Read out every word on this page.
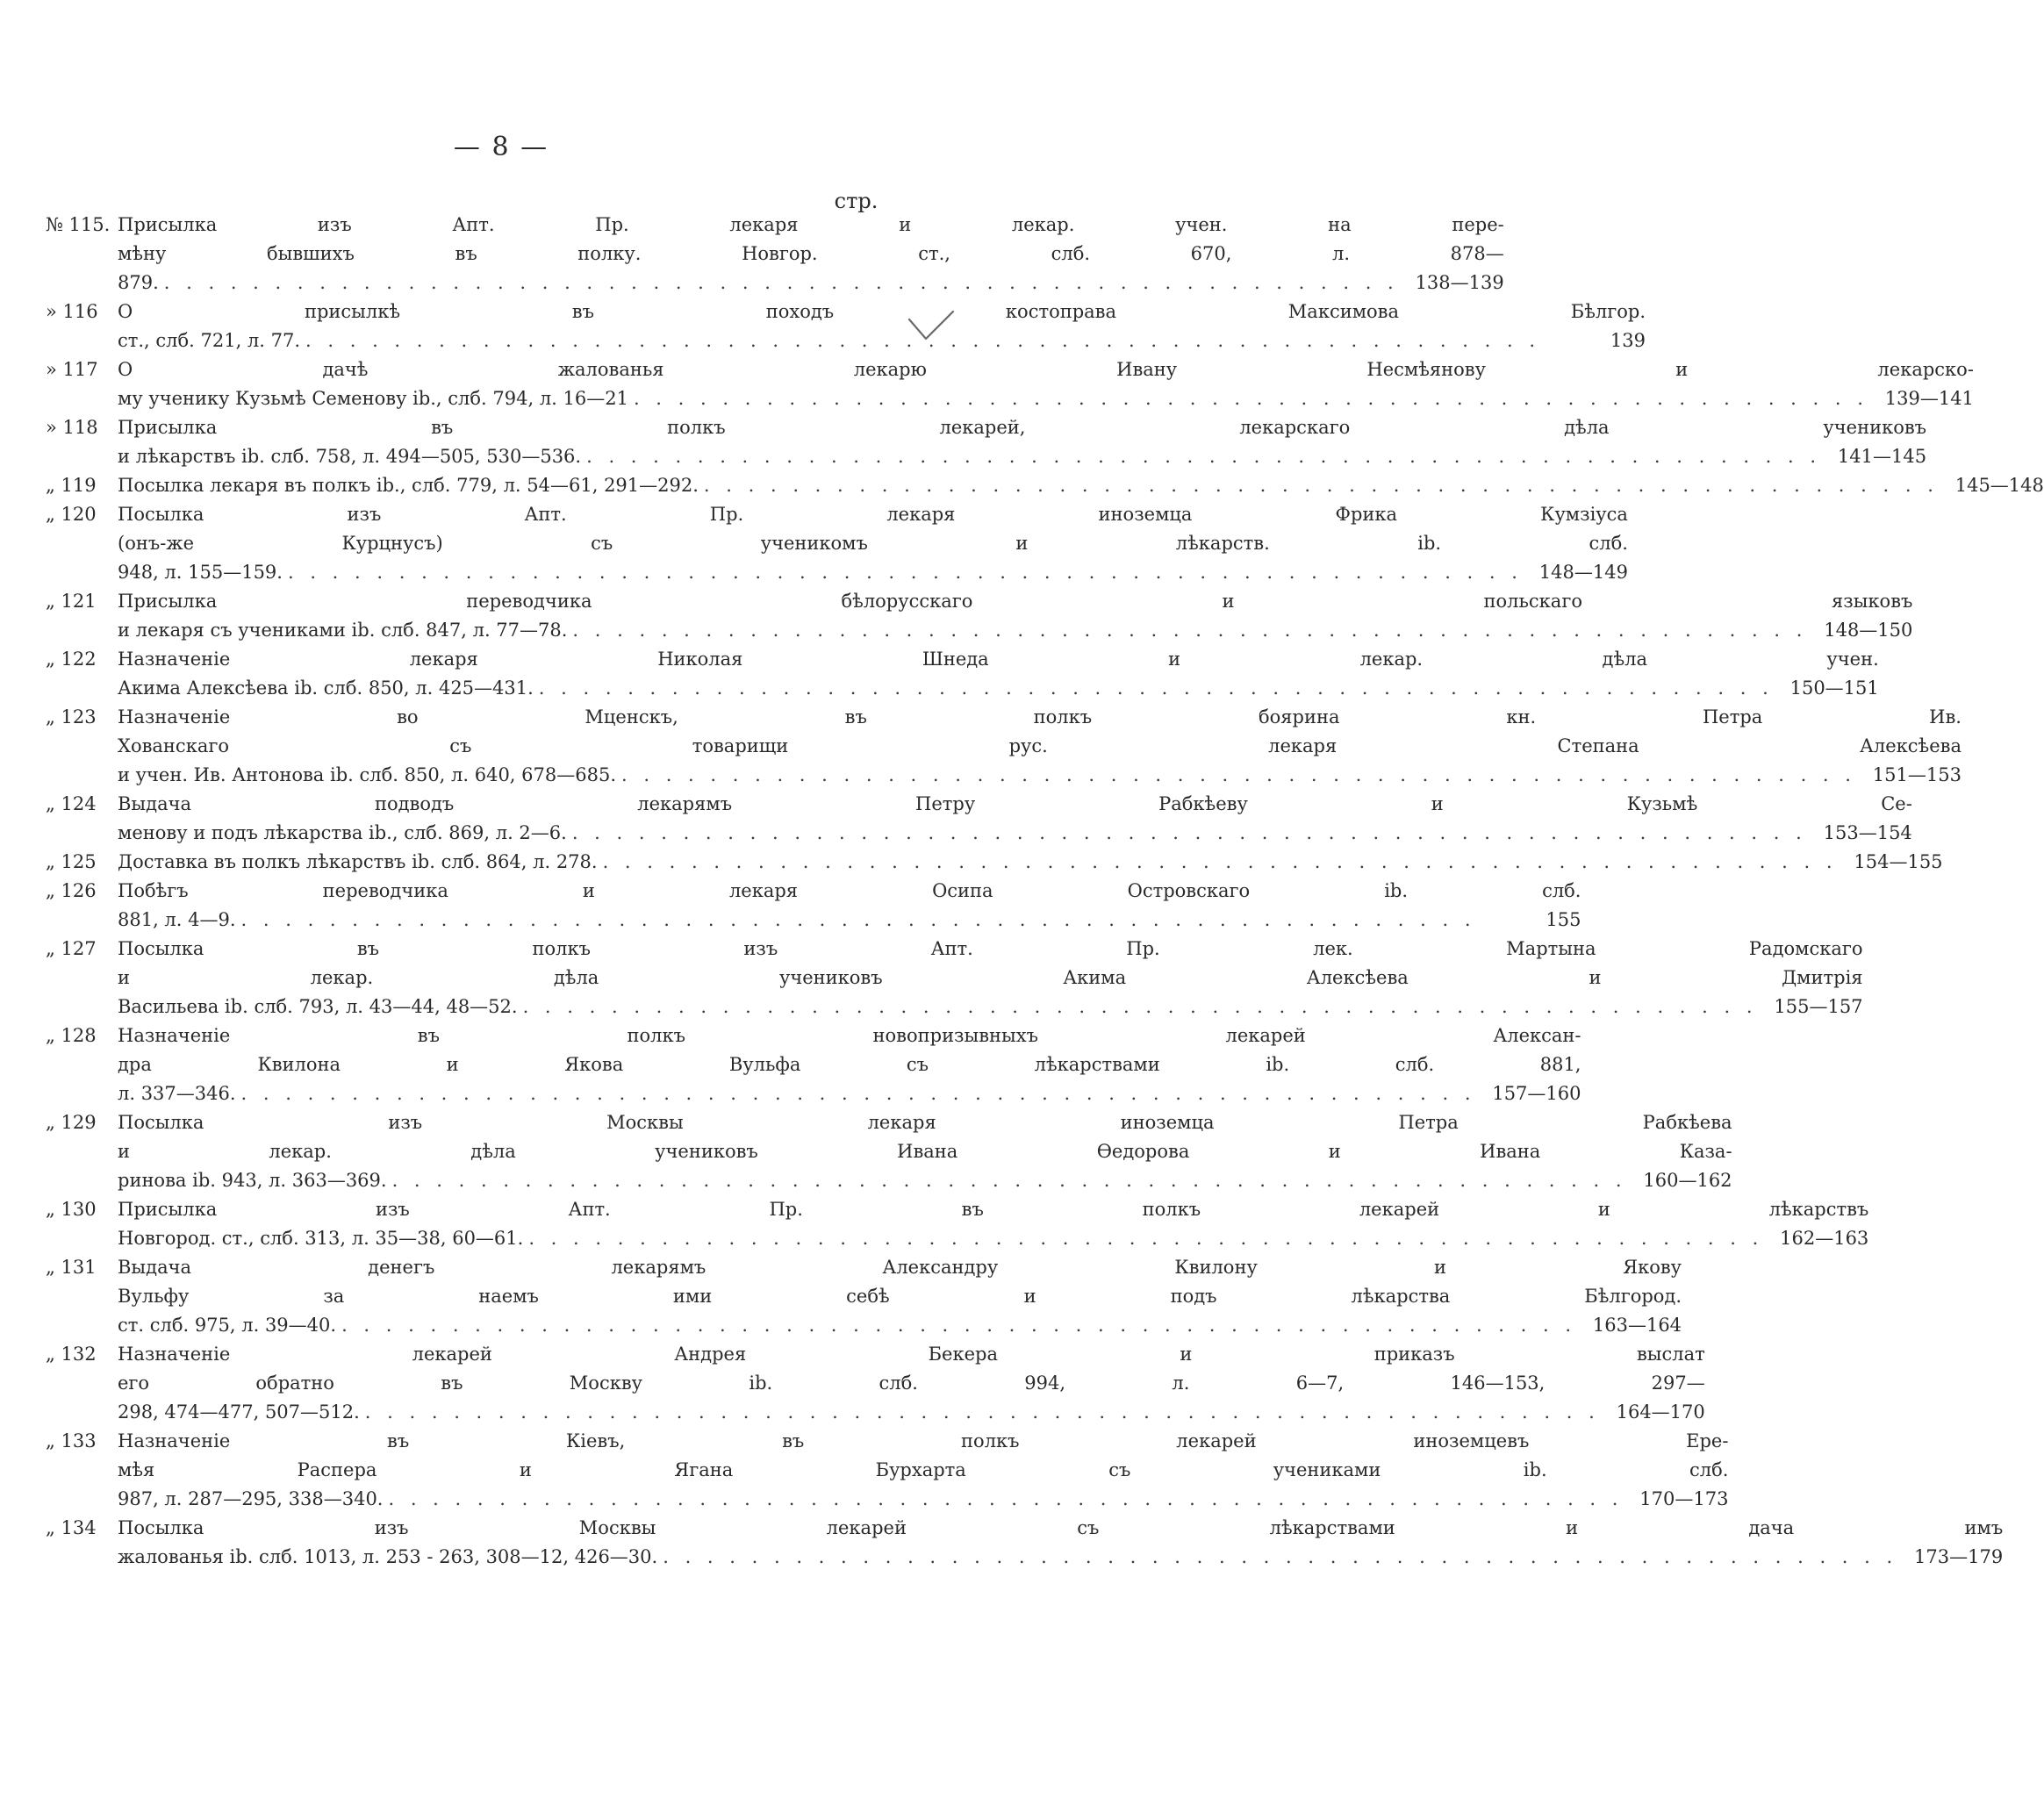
— 8 —
стр.
№ 115. Присылка изъ Апт. Пр. лекаря и лекар. учен. на пере-
мѣну бывшихъ въ полку. Новгор. ст., слб. 670, л. 878—
879. . . . . . . . . . . . . . . . . . . . . . . . . . . . . . . . . . . . . . . . . . . . . . . . . . . . . . . . . 138—139
» 116	О присылкѣ въ походъ костоправа Максимова Бѣлгор.
ст., слб. 721, л. 77. . . . . . . . . . . . . . . . . . . . . . . . . . . . . . . . . . . . . . . . . . . . . . . . . . . . . . . . .	139
» 117	О дачѣ жалованья лекарю Ивану Несмѣянову и лекарско-
му ученику Кузьмѣ Семенову ib., слб. 794, л. 16—21 . . . . . . . . . . . . . . . . . . . . . . . . . . . . . . . . . . . . . . . . . . . . . . . . . . . . . . . . 139—141
» 118	Присылка въ полкъ лекарей, лекарскаго дѣла учениковъ
и лѣкарствъ ib. слб. 758, л. 494—505, 530—536. . . . . . . . . . . . . . . . . . . . . . . . . . . . . . . . . . . . . . . . . . . . . . . . . . . . . . . . . 141—145
„ 119	Посылка лекаря въ полкъ ib., слб. 779, л. 54—61, 291—292. . . . . . . . . . . . . . . . . . . . . . . . . . . . . . . . . . . . . . . . . . . . . . . . . . . . . . . . . 145—148
„ 120	Посылка изъ Апт. Пр. лекаря иноземца Фрика Кумзіуса
(онъ-же Курцнусъ) съ ученикомъ и лѣкарств. ib. слб.
948, л. 155—159. . . . . . . . . . . . . . . . . . . . . . . . . . . . . . . . . . . . . . . . . . . . . . . . . . . . . . . . . 148—149
„ 121	Присылка переводчика бѣлорусскаго и польскаго языковъ
и лекаря съ учениками ib. слб. 847, л. 77—78. . . . . . . . . . . . . . . . . . . . . . . . . . . . . . . . . . . . . . . . . . . . . . . . . . . . . . . . . 148—150
„ 122	Назначеніе лекаря Николая Шнеда и лекар. дѣла учен.
Акима Алексѣева ib. слб. 850, л. 425—431. . . . . . . . . . . . . . . . . . . . . . . . . . . . . . . . . . . . . . . . . . . . . . . . . . . . . . . . . 150—151
„ 123	Назначеніе во Мценскъ, въ полкъ боярина кн. Петра Ив.
Хованскаго съ товарищи рус. лекаря Степана Алексѣева
и учен. Ив. Антонова ib. слб. 850, л. 640, 678—685. . . . . . . . . . . . . . . . . . . . . . . . . . . . . . . . . . . . . . . . . . . . . . . . . . . . . . . . . 151—153
„ 124	Выдача подводъ лекарямъ Петру Рабкѣеву и Кузьмѣ Се-
менову и подъ лѣкарства ib., слб. 869, л. 2—6. . . . . . . . . . . . . . . . . . . . . . . . . . . . . . . . . . . . . . . . . . . . . . . . . . . . . . . . . 153—154
„ 125	Доставка въ полкъ лѣкарствъ ib. слб. 864, л. 278. . . . . . . . . . . . . . . . . . . . . . . . . . . . . . . . . . . . . . . . . . . . . . . . . . . . . . . . . 154—155
„ 126	Побѣгъ переводчика и лекаря Осипа Островскаго ib. слб.
881, л. 4—9. . . . . . . . . . . . . . . . . . . . . . . . . . . . . . . . . . . . . . . . . . . . . . . . . . . . . . . . .	155
„ 127	Посылка въ полкъ изъ Апт. Пр. лек. Мартына Радомскаго
и лекар. дѣла учениковъ Акима Алексѣева и Дмитрія
Васильева ib. слб. 793, л. 43—44, 48—52. . . . . . . . . . . . . . . . . . . . . . . . . . . . . . . . . . . . . . . . . . . . . . . . . . . . . . . . . 155—157
„ 128	Назначеніе въ полкъ новопризывныхъ лекарей Алексан-
дра Квилона и Якова Вульфа съ лѣкарствами ib. слб. 881,
л. 337—346. . . . . . . . . . . . . . . . . . . . . . . . . . . . . . . . . . . . . . . . . . . . . . . . . . . . . . . . . 157—160
„ 129	Посылка изъ Москвы лекаря иноземца Петра Рабкѣева
и лекар. дѣла учениковъ Ивана Ѳедорова и Ивана Каза-
ринова ib. 943, л. 363—369. . . . . . . . . . . . . . . . . . . . . . . . . . . . . . . . . . . . . . . . . . . . . . . . . . . . . . . . . 160—162
„ 130	Присылка изъ Апт. Пр. въ полкъ лекарей и лѣкарствъ
Новгород. ст., слб. 313, л. 35—38, 60—61. . . . . . . . . . . . . . . . . . . . . . . . . . . . . . . . . . . . . . . . . . . . . . . . . . . . . . . . . 162—163
„ 131	Выдача денегъ лекарямъ Александру Квилону и Якову
Вульфу за наемъ ими себѣ и подъ лѣкарства Бѣлгород.
ст. слб. 975, л. 39—40. . . . . . . . . . . . . . . . . . . . . . . . . . . . . . . . . . . . . . . . . . . . . . . . . . . . . . . . . 163—164
„ 132	Назначеніе лекарей Андрея Бекера и приказъ выслат
его обратно въ Москву ib. слб. 994, л. 6—7, 146—153, 297—
298, 474—477, 507—512. . . . . . . . . . . . . . . . . . . . . . . . . . . . . . . . . . . . . . . . . . . . . . . . . . . . . . . . . 164—170
„ 133	Назначеніе въ Кіевъ, въ полкъ лекарей иноземцевъ Ере-
мѣя Распера и Ягана Бурхарта съ учениками ib. слб.
987, л. 287—295, 338—340. . . . . . . . . . . . . . . . . . . . . . . . . . . . . . . . . . . . . . . . . . . . . . . . . . . . . . . . . 170—173
„ 134	Посылка изъ Москвы лекарей съ лѣкарствами и дача имъ
жалованья ib. слб. 1013, л. 253 - 263, 308—12, 426—30. . . . . . . . . . . . . . . . . . . . . . . . . . . . . . . . . . . . . . . . . . . . . . . . . . . . . . . . . 173—179
